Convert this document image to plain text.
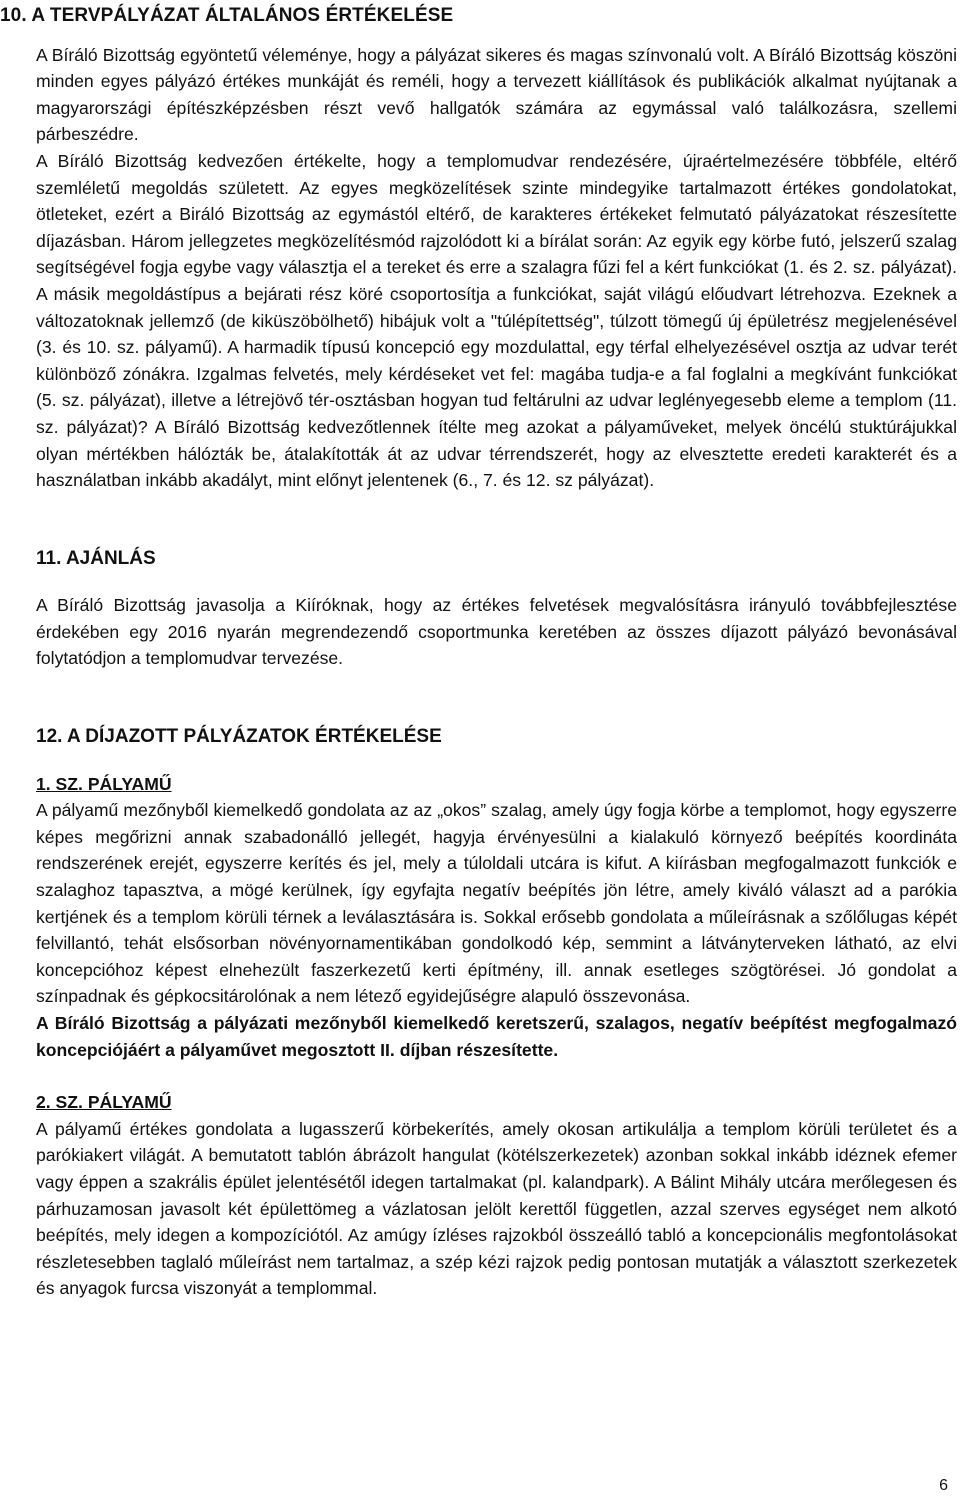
10. A TERVPÁLYÁZAT ÁLTALÁNOS ÉRTÉKELÉSE

A Bíráló Bizottság egyöntetű véleménye, hogy a pályázat sikeres és magas színvonalú volt. A Bíráló Bizottság köszöni minden egyes pályázó értékes munkáját és reméli, hogy a tervezett kiállítások és publikációk alkalmat nyújtanak a magyarországi építészképzésben részt vevő hallgatók számára az egymással való találkozásra, szellemi párbeszédre.

A Bíráló Bizottság kedvezően értékelte, hogy a templomudvar rendezésére, újraértelmezésére többféle, eltérő szemléletű megoldás született. Az egyes megközelítések szinte mindegyike tartalmazott értékes gondolatokat, ötleteket, ezért a Biráló Bizottság az egymástól eltérő, de karakteres értékeket felmutató pályázatokat részesítette díjazásban. Három jellegzetes megközelítésmód rajzolódott ki a bírálat során: Az egyik egy körbe futó, jelszerű szalag segítségével fogja egybe vagy választja el a tereket és erre a szalagra fűzi fel a kért funkciókat (1. és 2. sz. pályázat). A másik megoldástípus a bejárati rész köré csoportosítja a funkciókat, saját világú előudvart létrehozva. Ezeknek a változatoknak jellemző (de kiküszöbölhető) hibájuk volt a "túlépítettség", túlzott tömegű új épületrész megjelenésével (3. és 10. sz. pályamű). A harmadik típusú koncepció egy mozdulattal, egy térfal elhelyezésével osztja az udvar terét különböző zónákra. Izgalmas felvetés, mely kérdéseket vet fel: magába tudja-e a fal foglalni a megkívánt funkciókat (5. sz. pályázat), illetve a létrejövő tér-osztásban hogyan tud feltárulni az udvar leglényegesebb eleme a templom (11. sz. pályázat)? A Bíráló Bizottság kedvezőtlennek ítélte meg azokat a pályaműveket, melyek öncélú stuktúrájukkal olyan mértékben hálózták be, átalakították át az udvar térrendszerét, hogy az elvesztette eredeti karakterét és a használatban inkább akadályt, mint előnyt jelentenek (6., 7. és 12. sz pályázat).

11. AJÁNLÁS

A Bíráló Bizottság javasolja a Kiíróknak, hogy az értékes felvetések megvalósításra irányuló továbbfejlesztése érdekében egy 2016 nyarán megrendezendő csoportmunka keretében az összes díjazott pályázó bevonásával folytatódjon a templomudvar tervezése.

12. A DÍJAZOTT PÁLYÁZATOK ÉRTÉKELÉSE
1. SZ. PÁLYAMŰ

A pályamű mezőnyből kiemelkedő gondolata az az „okos” szalag, amely úgy fogja körbe a templomot, hogy egyszerre képes megőrizni annak szabadonálló jellegét, hagyja érvényesülni a kialakuló környező beépítés koordináta rendszerének erejét, egyszerre kerítés és jel, mely a túloldali utcára is kifut. A kiírásban megfogalmazott funkciók e szalaghoz tapasztva, a mögé kerülnek, így egyfajta negatív beépítés jön létre, amely kiváló választ ad a parókia kertjének és a templom körüli térnek a leválasztására is. Sokkal erősebb gondolata a műleírásnak a szőlőlugas képét felvillantó, tehát elsősorban növényornamentikában gondolkodó kép, semmint a látványterveken látható, az elvi koncepcióhoz képest elnehezült faszerkezetű kerti építmény, ill. annak esetleges szögtörései. Jó gondolat a színpadnak és gépkocsitárolónak a nem létező egyidejűségre alapuló összevonása.

A Bíráló Bizottság a pályázati mezőnyből kiemelkedő keretszerű, szalagos, negatív beépítést megfogalmazó koncepciójáért a pályaművet megosztott II. díjban részesítette.

2. SZ. PÁLYAMŰ

A pályamű értékes gondolata a lugasszerű körbekerítés, amely okosan artikulálja a templom körüli területet és a parókiakert világát. A bemutatott tablón ábrázolt hangulat (kötélszerkezetek) azonban sokkal inkább idéznek efemer vagy éppen a szakrális épület jelentésétől idegen tartalmakat (pl. kalandpark). A Bálint Mihály utcára merőlegesen és párhuzamosan javasolt két épülettömeg a vázlatosan jelölt kerettől független, azzal szerves egységet nem alkotó beépítés, mely idegen a kompozíciótól. Az amúgy ízléses rajzokból összeálló tabló a koncepcionális megfontolásokat részletesebben taglaló műleírást nem tartalmaz, a szép kézi rajzok pedig pontosan mutatják a választott szerkezetek és anyagok furcsa viszonyát a templommal.

6
